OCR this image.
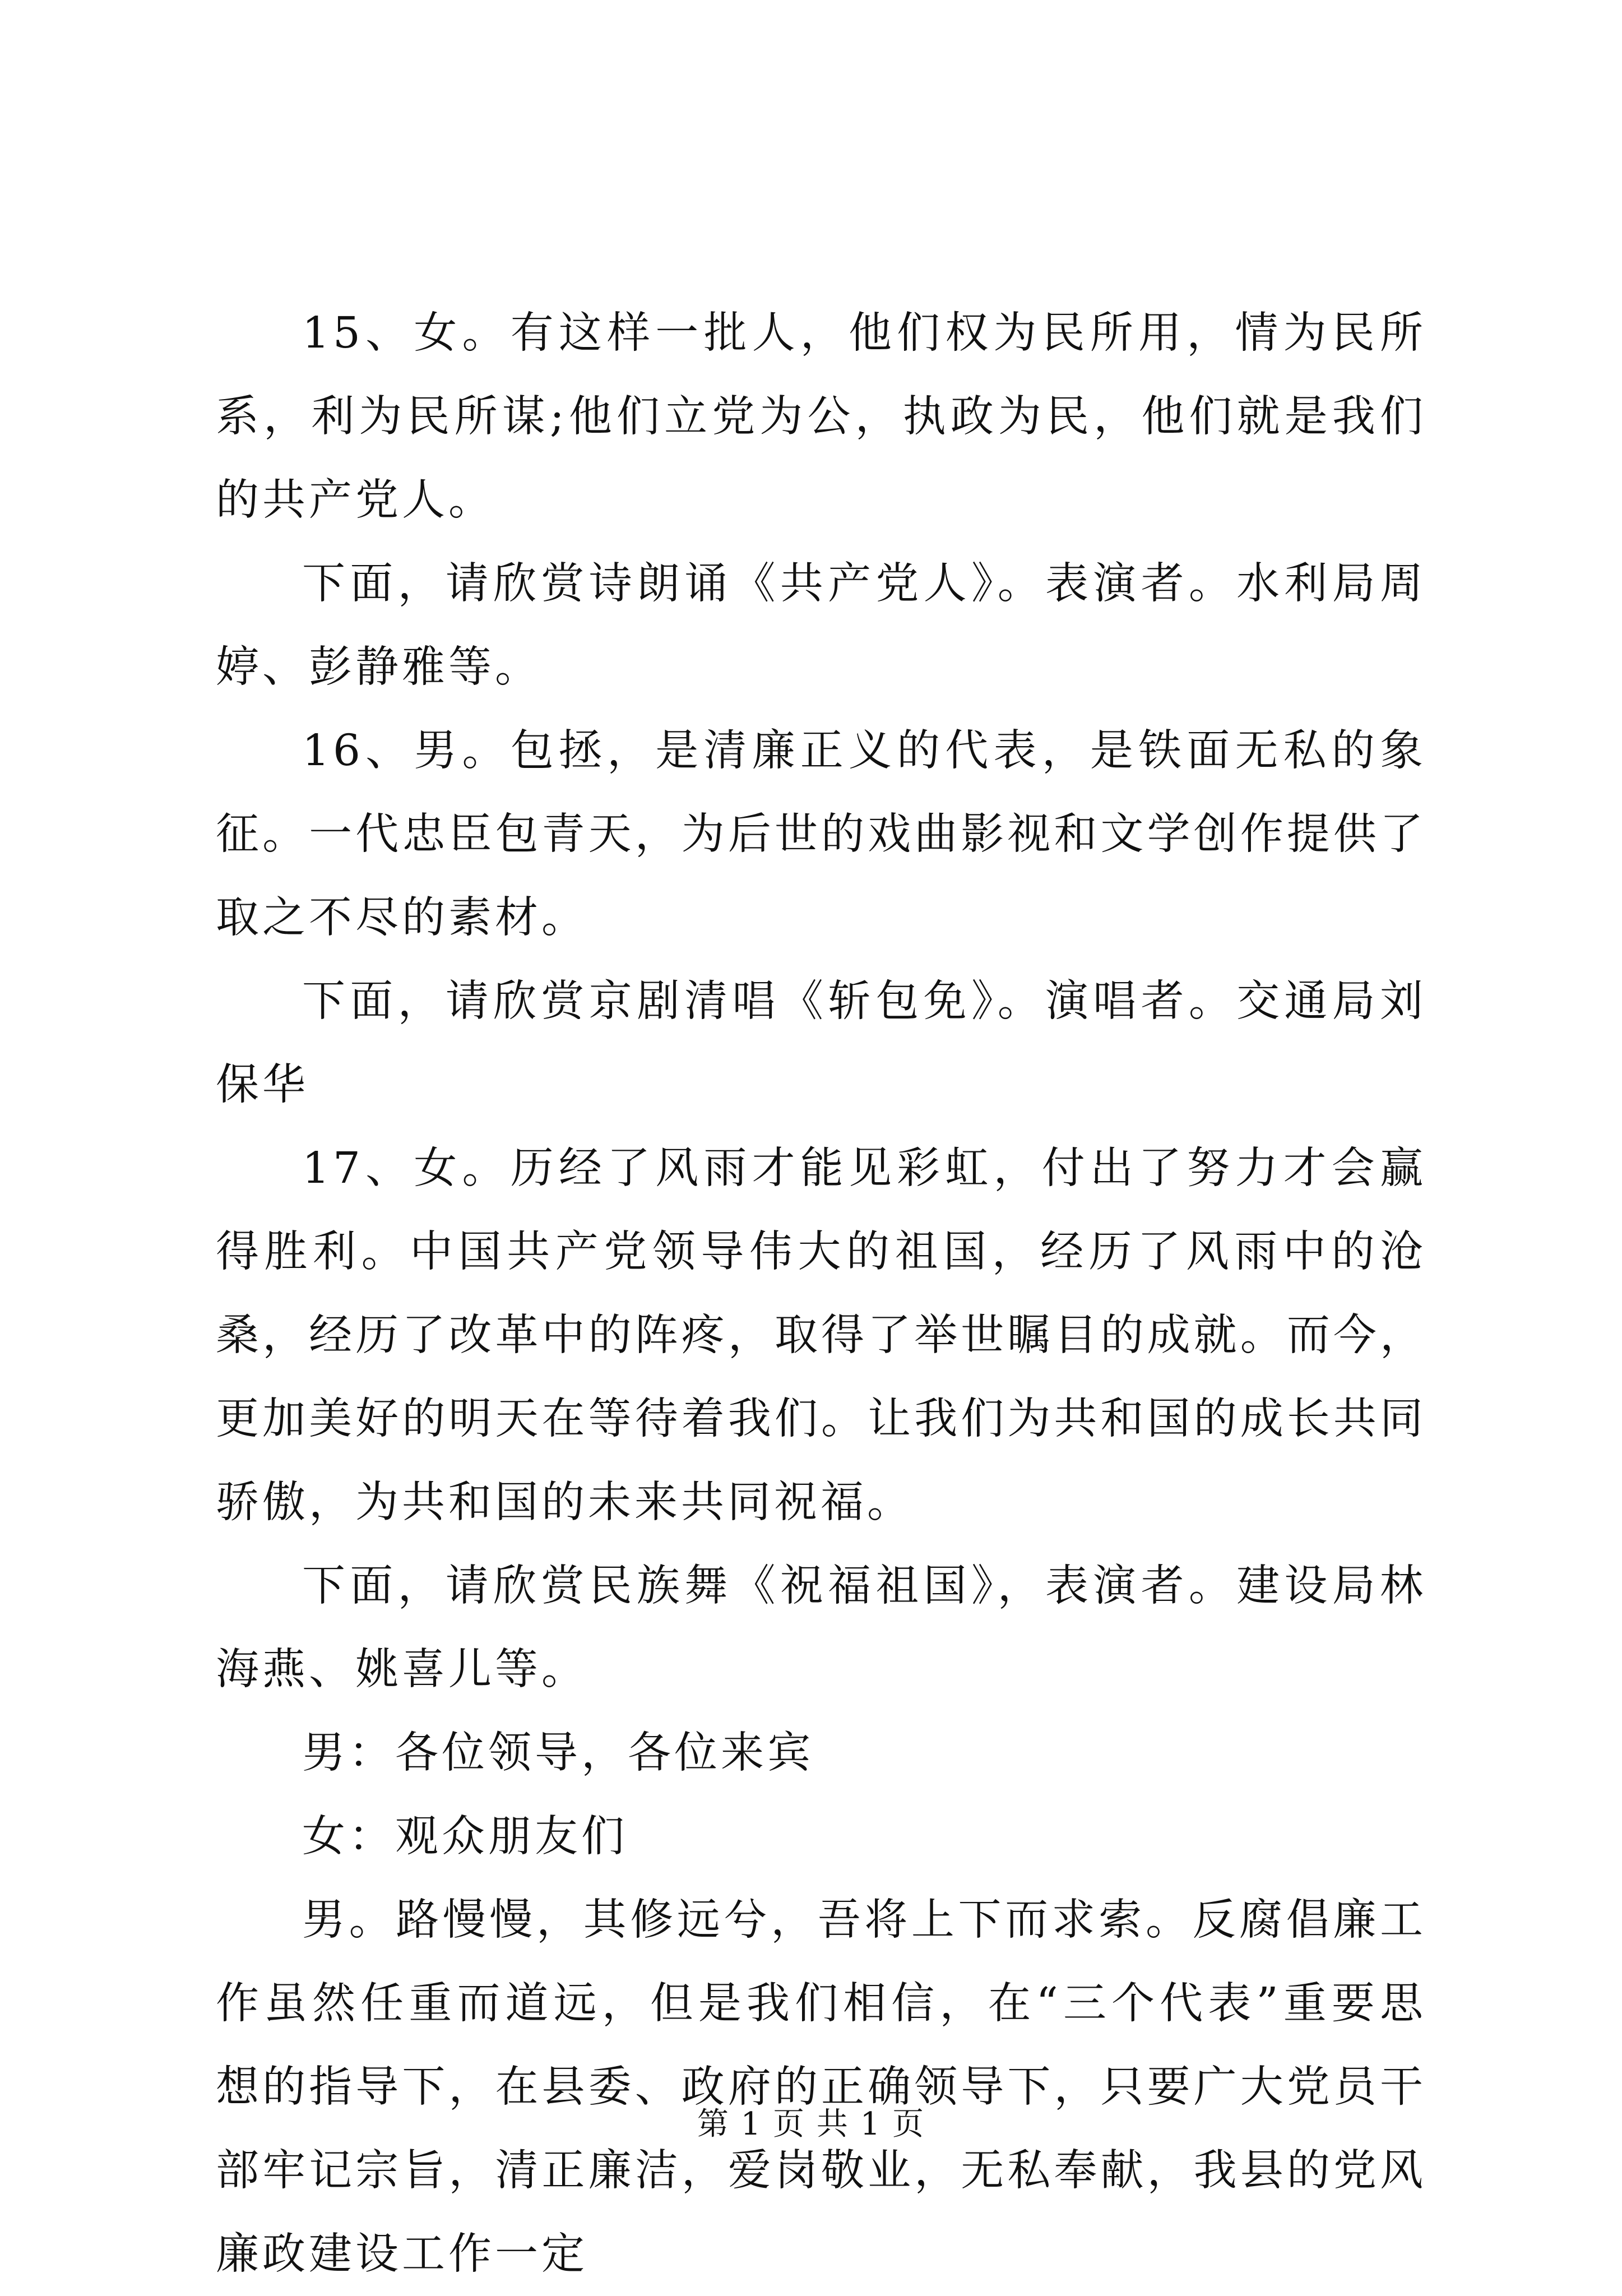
15、女。有这样一批人，他们权为民所用，情为民所系，利为民所谋;他们立党为公，执政为民，他们就是我们的共产党人。

下面，请欣赏诗朗诵《共产党人》。表演者。水利局周婷、彭静雅等。

16、男。包拯，是清廉正义的代表，是铁面无私的象征。一代忠臣包青天，为后世的戏曲影视和文学创作提供了取之不尽的素材。

下面，请欣赏京剧清唱《斩包免》。演唱者。交通局刘保华

17、女。历经了风雨才能见彩虹，付出了努力才会赢得胜利。中国共产党领导伟大的祖国，经历了风雨中的沧桑，经历了改革中的阵疼，取得了举世瞩目的成就。而今，更加美好的明天在等待着我们。让我们为共和国的成长共同骄傲，为共和国的未来共同祝福。

下面，请欣赏民族舞《祝福祖国》，表演者。建设局林海燕、姚喜儿等。

男：各位领导，各位来宾

女：观众朋友们

男。路慢慢，其修远兮，吾将上下而求索。反腐倡廉工作虽然任重而道远，但是我们相信，在“三个代表”重要思想的指导下，在县委、政府的正确领导下，只要广大党员干部牢记宗旨，清正廉洁，爱岗敬业，无私奉献，我县的党风廉政建设工作一定

第 1 页 共 1 页
